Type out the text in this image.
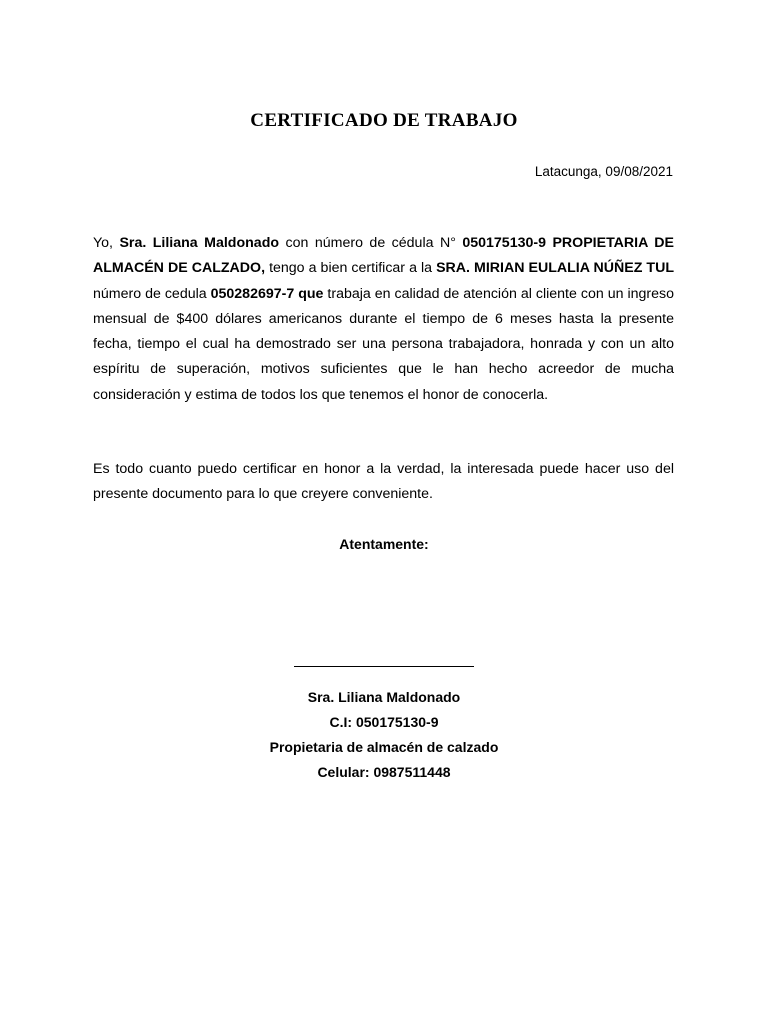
CERTIFICADO DE TRABAJO
Latacunga, 09/08/2021

Yo, Sra. Liliana Maldonado con número de cédula N° 050175130-9 PROPIETARIA DE ALMACÉN DE CALZADO, tengo a bien certificar a la SRA. MIRIAN EULALIA NÚÑEZ TUL número de cedula 050282697-7 que trabaja en calidad de atención al cliente con un ingreso mensual de $400 dólares americanos durante el tiempo de 6 meses hasta la presente fecha, tiempo el cual ha demostrado ser una persona trabajadora, honrada y con un alto espíritu de superación, motivos suficientes que le han hecho acreedor de mucha consideración y estima de todos los que tenemos el honor de conocerla.

Es todo cuanto puedo certificar en honor a la verdad, la interesada puede hacer uso del presente documento para lo que creyere conveniente.

Atentamente:
Sra. Liliana Maldonado
C.I: 050175130-9
Propietaria de almacén de calzado
Celular: 0987511448
